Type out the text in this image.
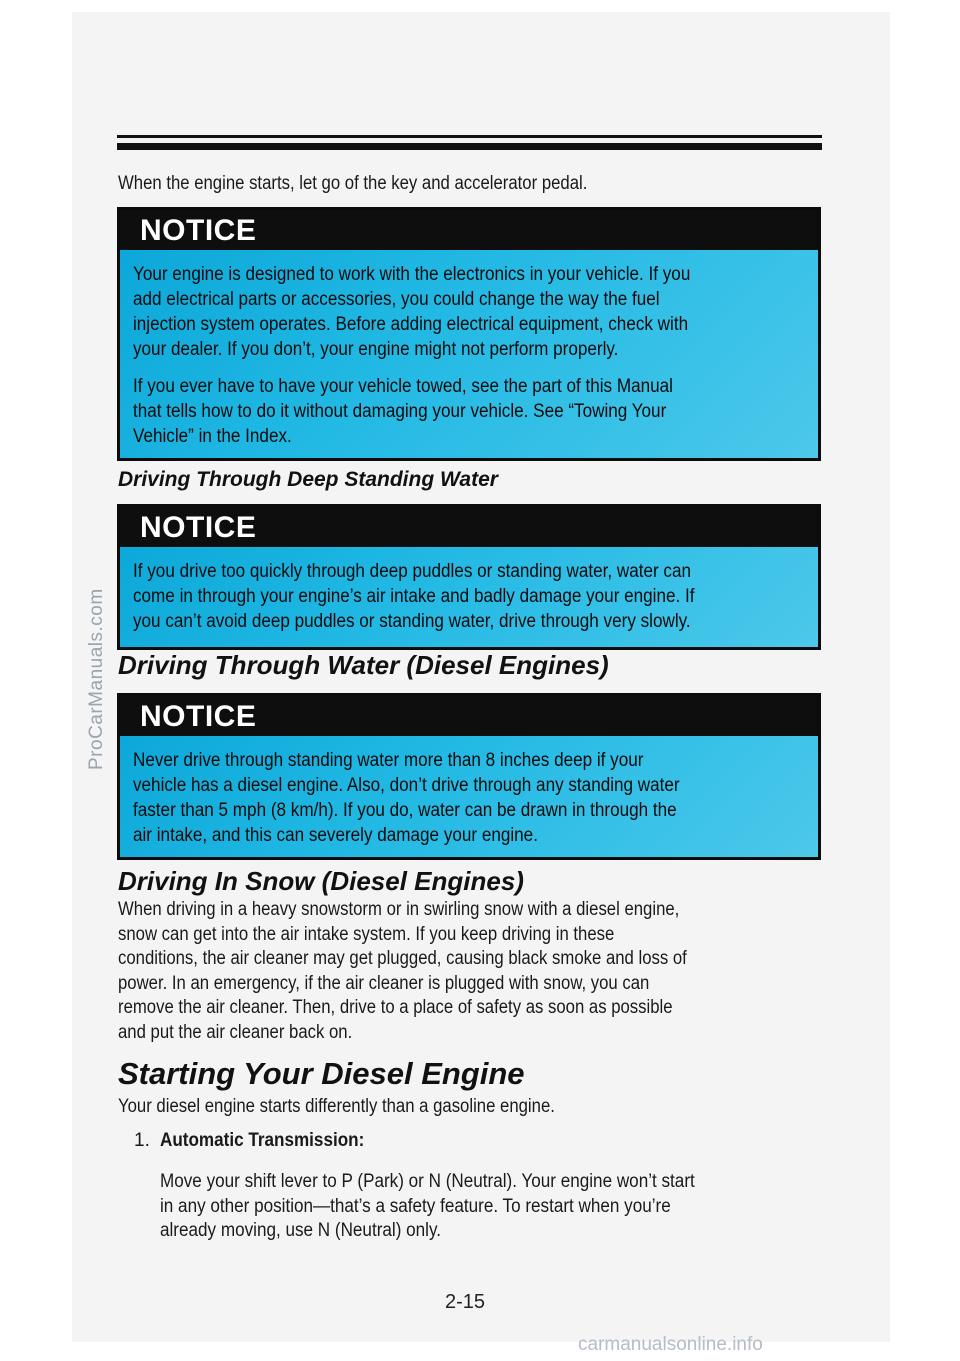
When the engine starts, let go of the key and accelerator pedal.
NOTICE

Your engine is designed to work with the electronics in your vehicle. If you
add electrical parts or accessories, you could change the way the fuel
injection system operates. Before adding electrical equipment, check with
your dealer. If you don’t, your engine might not perform properly.

If you ever have to have your vehicle towed, see the part of this Manual
that tells how to do it without damaging your vehicle. See “Towing Your
Vehicle” in the Index.

Driving Through Deep Standing Water
NOTICE

If you drive too quickly through deep puddles or standing water, water can
come in through your engine’s air intake and badly damage your engine. If
you can’t avoid deep puddles or standing water, drive through very slowly.

Driving Through Water (Diesel Engines)
NOTICE

Never drive through standing water more than 8 inches deep if your
vehicle has a diesel engine. Also, don’t drive through any standing water
faster than 5 mph (8 km/h). If you do, water can be drawn in through the
air intake, and this can severely damage your engine.

Driving In Snow (Diesel Engines)
When driving in a heavy snowstorm or in swirling snow with a diesel engine,
snow can get into the air intake system. If you keep driving in these
conditions, the air cleaner may get plugged, causing black smoke and loss of
power. In an emergency, if the air cleaner is plugged with snow, you can
remove the air cleaner. Then, drive to a place of safety as soon as possible
and put the air cleaner back on.
Starting Your Diesel Engine
Your diesel engine starts differently than a gasoline engine.
1. Automatic Transmission:
Move your shift lever to P (Park) or N (Neutral). Your engine won’t start
in any other position—that’s a safety feature. To restart when you’re
already moving, use N (Neutral) only.
2-15
ProCarManuals.com
carmanualsonline.info
